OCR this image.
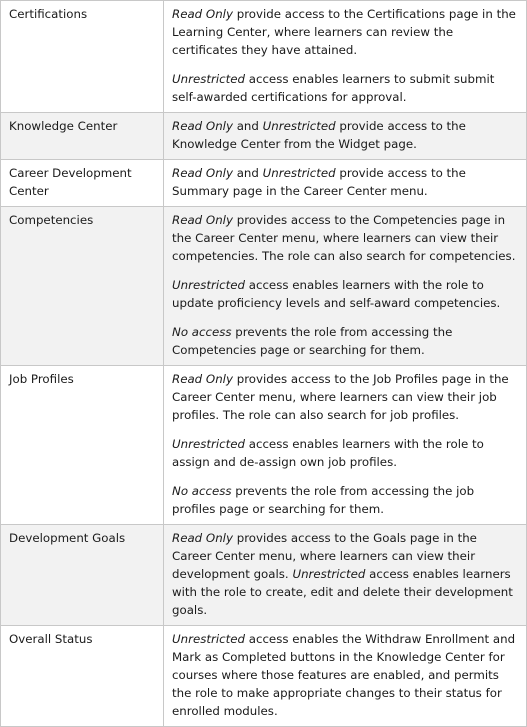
Certifications	Read Only provide access to the Certifications page in the Learning Center, where learners can review the certificates they have attained.

Unrestricted access enables learners to submit submit self-awarded certifications for approval.

Knowledge Center	Read Only and Unrestricted provide access to the Knowledge Center from the Widget page.

Career Development Center	Read Only and Unrestricted provide access to the Summary page in the Career Center menu.

Competencies	Read Only provides access to the Competencies page in the Career Center menu, where learners can view their competencies. The role can also search for competencies.

Unrestricted access enables learners with the role to update proficiency levels and self-award competencies.

No access prevents the role from accessing the Competencies page or searching for them.

Job Profiles	Read Only provides access to the Job Profiles page in the Career Center menu, where learners can view their job profiles. The role can also search for job profiles.

Unrestricted access enables learners with the role to assign and de-assign own job profiles.

No access prevents the role from accessing the job profiles page or searching for them.

Development Goals	Read Only provides access to the Goals page in the Career Center menu, where learners can view their development goals. Unrestricted access enables learners with the role to create, edit and delete their development goals.

Overall Status	Unrestricted access enables the Withdraw Enrollment and Mark as Completed buttons in the Knowledge Center for courses where those features are enabled, and permits the role to make appropriate changes to their status for enrolled modules.
